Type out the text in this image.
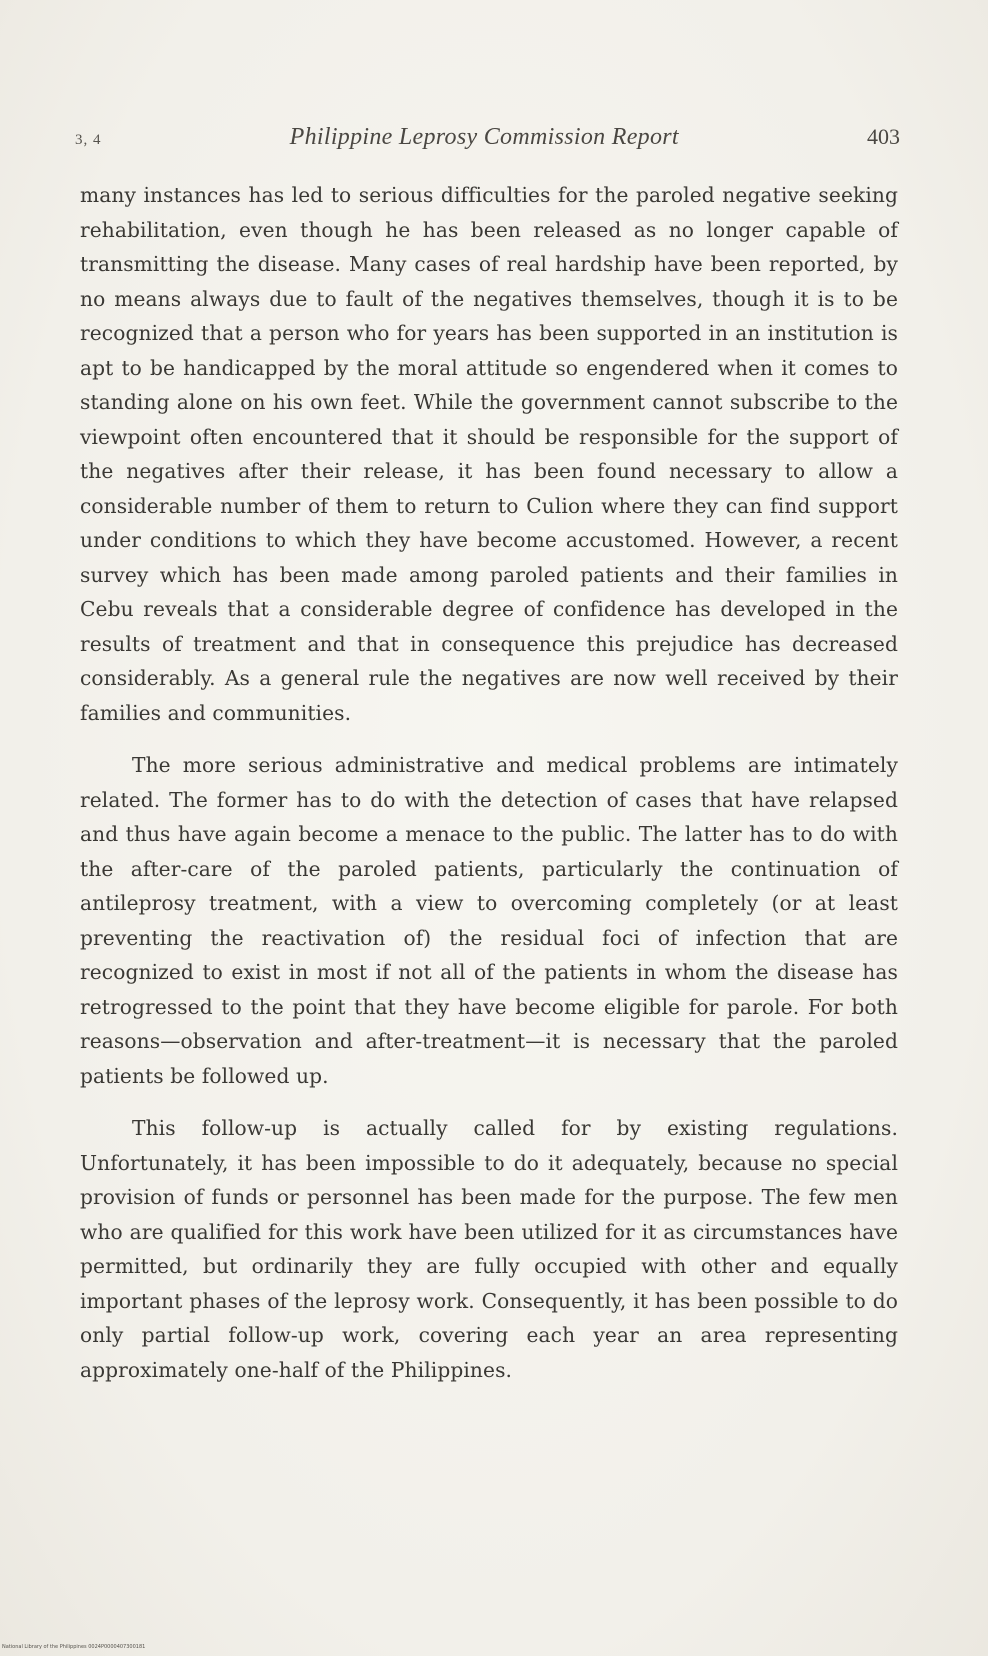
3, 4	Philippine Leprosy Commission Report	403

many instances has led to serious difficulties for the paroled negative seeking rehabilitation, even though he has been released as no longer capable of transmitting the disease. Many cases of real hardship have been reported, by no means always due to fault of the negatives themselves, though it is to be recognized that a person who for years has been supported in an institution is apt to be handicapped by the moral attitude so engendered when it comes to standing alone on his own feet. While the government cannot subscribe to the viewpoint often encountered that it should be responsible for the support of the negatives after their release, it has been found necessary to allow a considerable number of them to return to Culion where they can find support under conditions to which they have become accustomed. However, a recent survey which has been made among paroled patients and their families in Cebu reveals that a considerable degree of confidence has developed in the results of treatment and that in consequence this prejudice has decreased considerably. As a general rule the negatives are now well received by their families and communities.

The more serious administrative and medical problems are intimately related. The former has to do with the detection of cases that have relapsed and thus have again become a menace to the public. The latter has to do with the after-care of the paroled patients, particularly the continuation of antileprosy treatment, with a view to overcoming completely (or at least preventing the reactivation of) the residual foci of infection that are recognized to exist in most if not all of the patients in whom the disease has retrogressed to the point that they have become eligible for parole. For both reasons—observation and after-treatment—it is necessary that the paroled patients be followed up.

This follow-up is actually called for by existing regulations. Unfortunately, it has been impossible to do it adequately, because no special provision of funds or personnel has been made for the purpose. The few men who are qualified for this work have been utilized for it as circumstances have permitted, but ordinarily they are fully occupied with other and equally important phases of the leprosy work. Consequently, it has been possible to do only partial follow-up work, covering each year an area representing approximately one-half of the Philippines.

National Library of the Philippines 0024P0000407300181
